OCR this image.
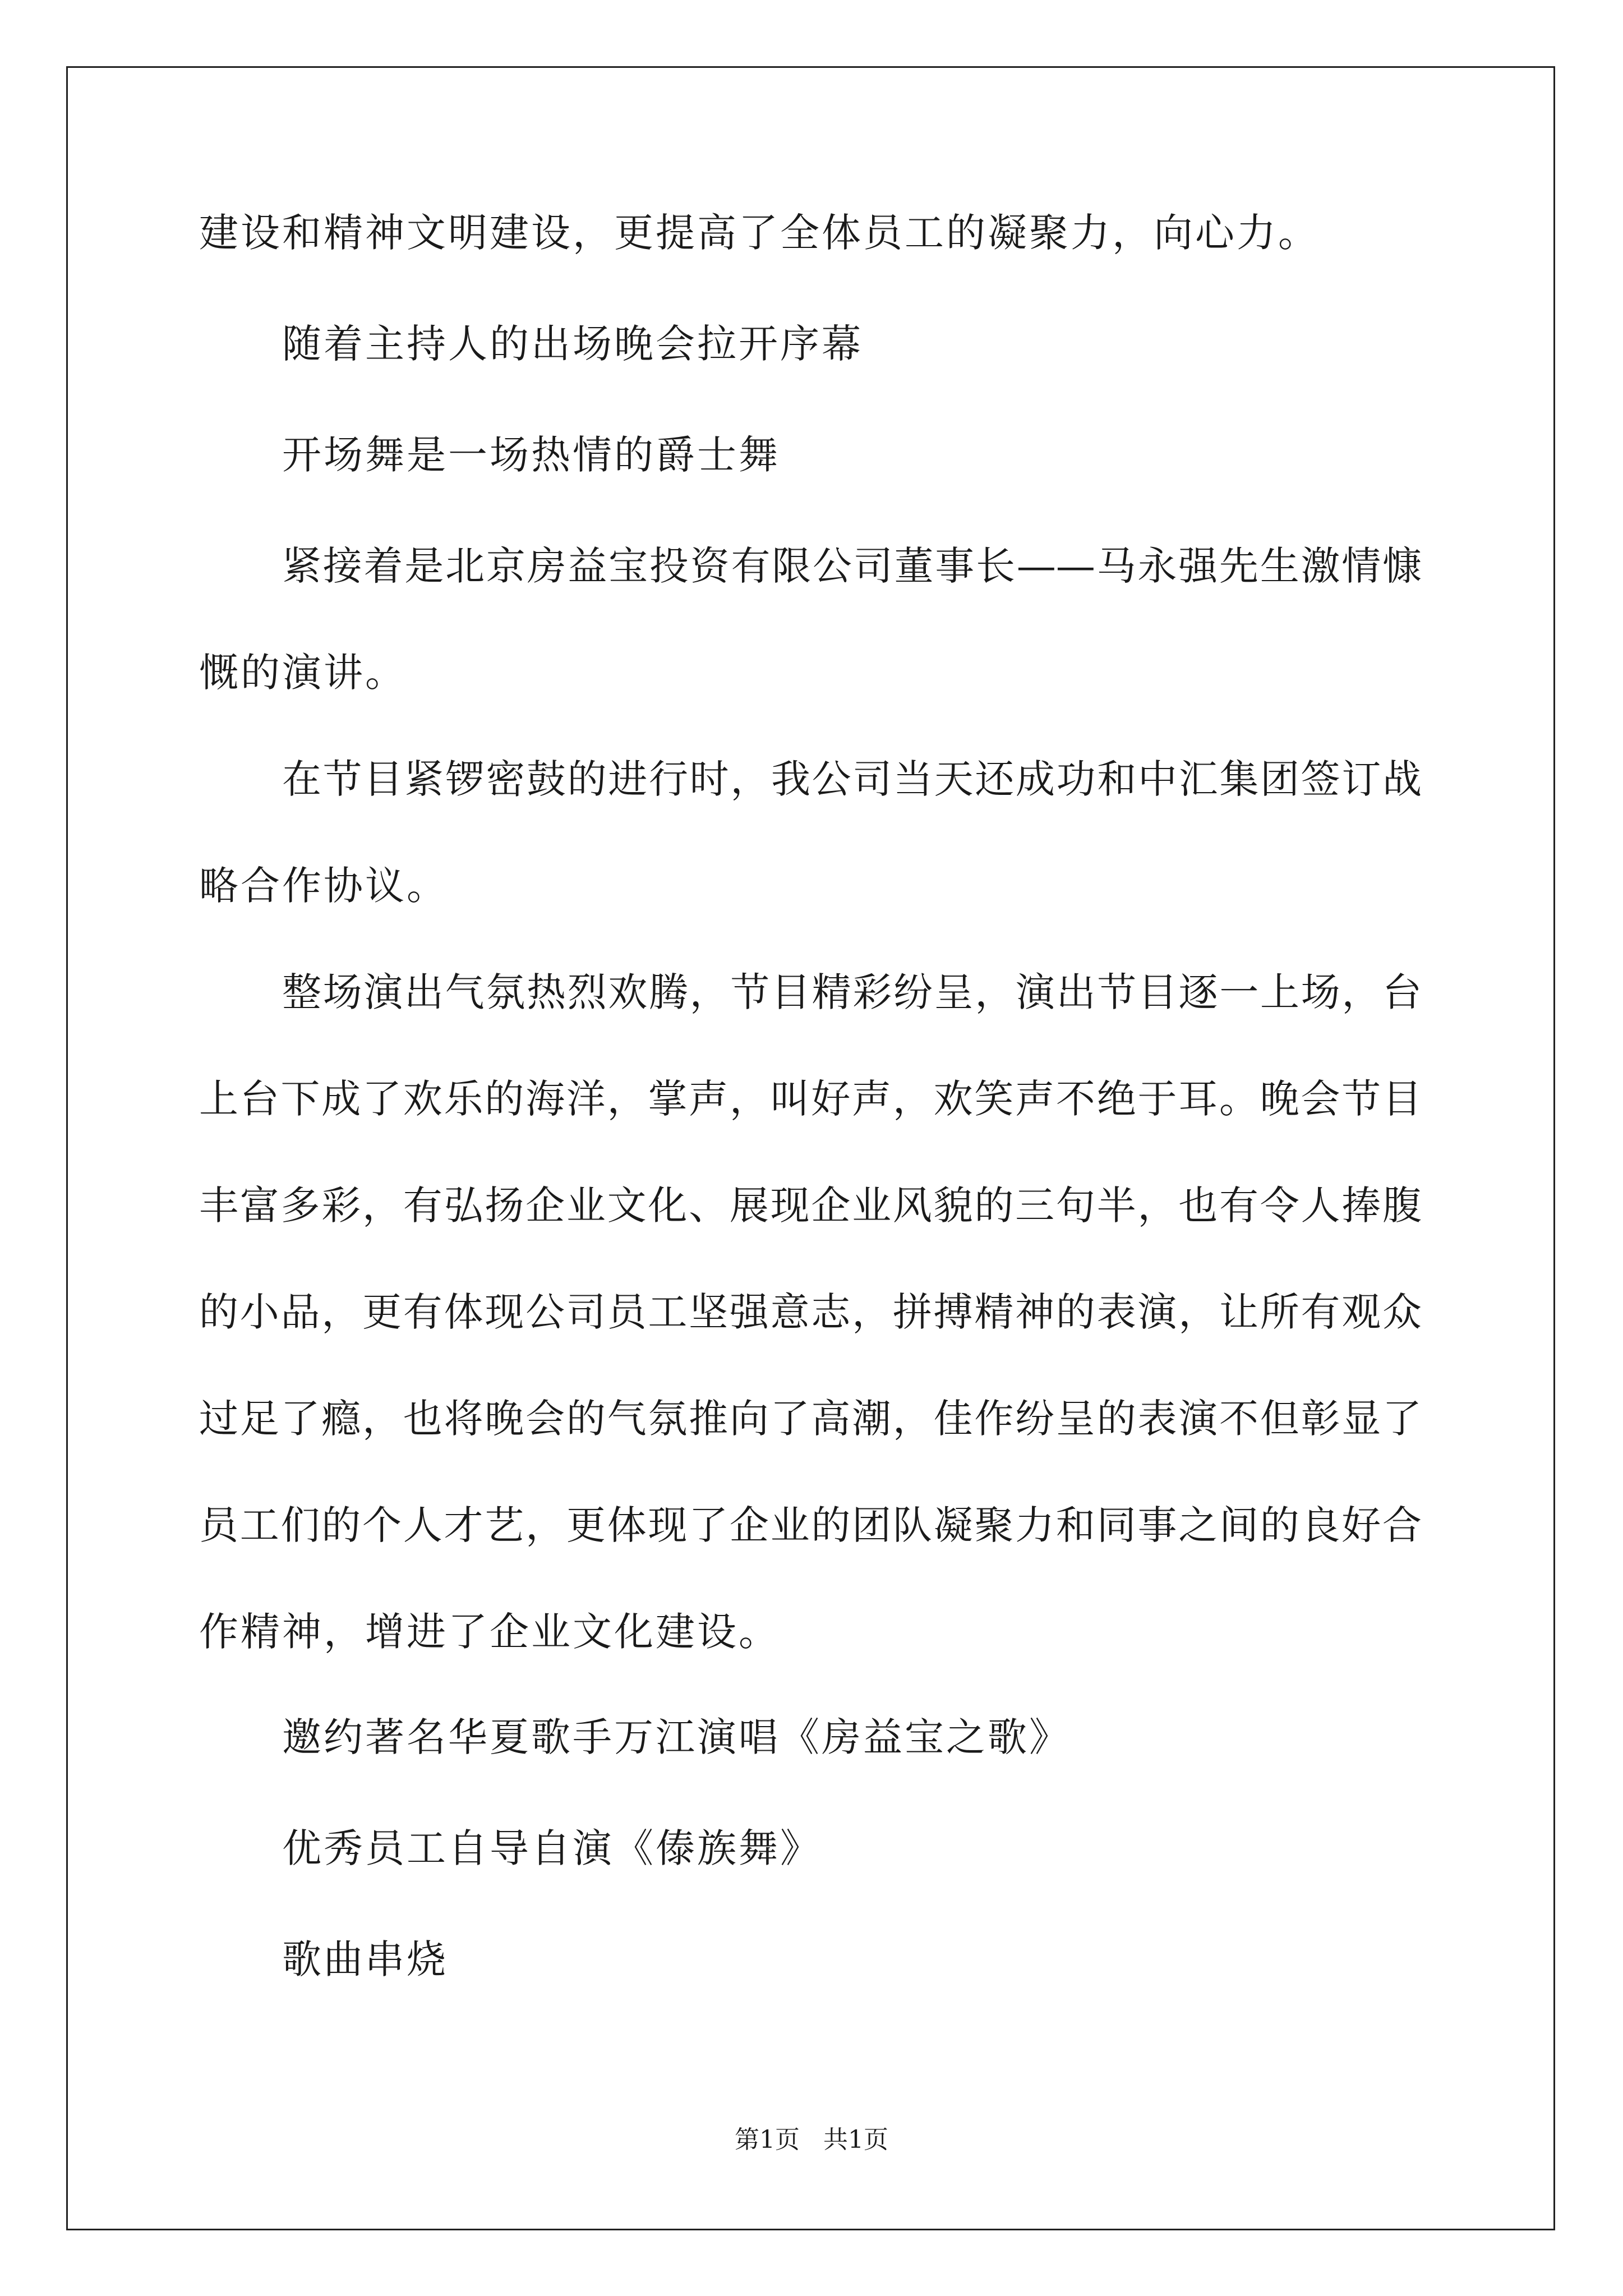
建设和精神文明建设，更提高了全体员工的凝聚力，向心力。
随着主持人的出场晚会拉开序幕
开场舞是一场热情的爵士舞
紧接着是北京房益宝投资有限公司董事长——马永强先生激情慷
慨的演讲。
在节目紧锣密鼓的进行时，我公司当天还成功和中汇集团签订战
略合作协议。
整场演出气氛热烈欢腾，节目精彩纷呈，演出节目逐一上场，台
上台下成了欢乐的海洋，掌声，叫好声，欢笑声不绝于耳。晚会节目
丰富多彩，有弘扬企业文化、展现企业风貌的三句半，也有令人捧腹
的小品，更有体现公司员工坚强意志，拼搏精神的表演，让所有观众
过足了瘾，也将晚会的气氛推向了高潮，佳作纷呈的表演不但彰显了
员工们的个人才艺，更体现了企业的团队凝聚力和同事之间的良好合
作精神，增进了企业文化建设。
邀约著名华夏歌手万江演唱《房益宝之歌》
优秀员工自导自演《傣族舞》
歌曲串烧
第1页   共1页
